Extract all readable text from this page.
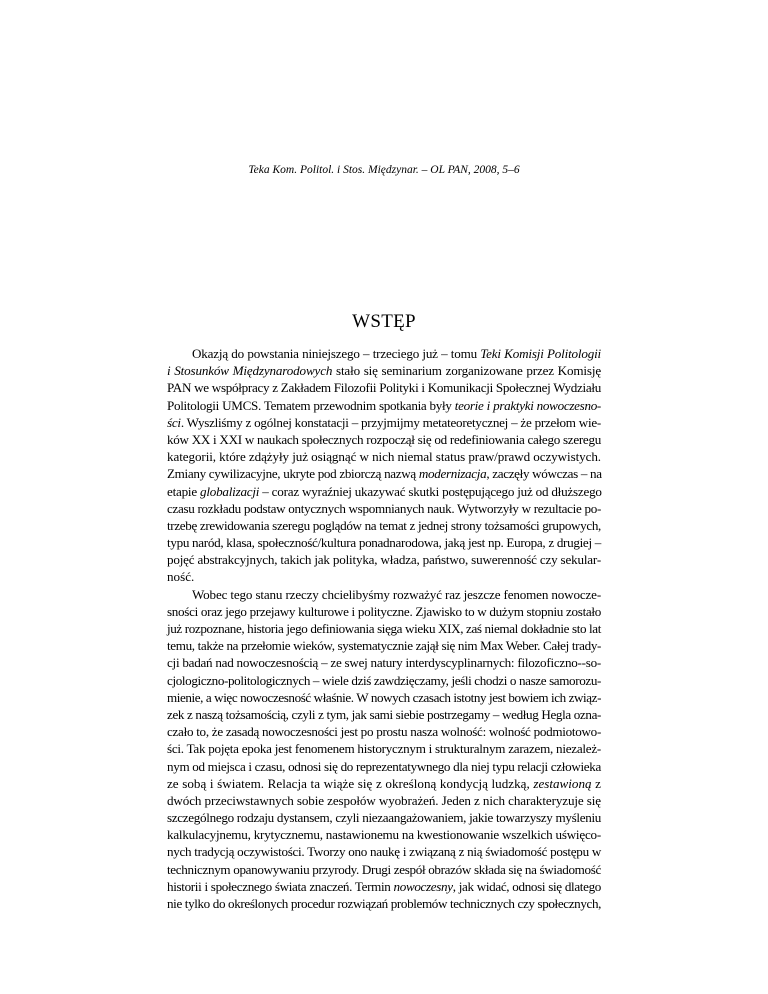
Teka Kom. Politol. i Stos. Międzynar. – OL PAN, 2008, 5–6
WSTĘP
Okazją do powstania niniejszego – trzeciego już – tomu Teki Komisji Politologii
i Stosunków Międzynarodowych stało się seminarium zorganizowane przez Komisję
PAN we współpracy z Zakładem Filozofii Polityki i Komunikacji Społecznej Wydziału
Politologii UMCS. Tematem przewodnim spotkania były teorie i praktyki nowoczesno-
ści. Wyszliśmy z ogólnej konstatacji – przyjmijmy metateoretycznej – że przełom wie-
ków XX i XXI w naukach społecznych rozpoczął się od redefiniowania całego szeregu
kategorii, które zdążyły już osiągnąć w nich niemal status praw/prawd oczywistych.
Zmiany cywilizacyjne, ukryte pod zbiorczą nazwą modernizacja, zaczęły wówczas – na
etapie globalizacji – coraz wyraźniej ukazywać skutki postępującego już od dłuższego
czasu rozkładu podstaw ontycznych wspomnianych nauk. Wytworzyły w rezultacie po-
trzebę zrewidowania szeregu poglądów na temat z jednej strony tożsamości grupowych,
typu naród, klasa, społeczność/kultura ponadnarodowa, jaką jest np. Europa, z drugiej –
pojęć abstrakcyjnych, takich jak polityka, władza, państwo, suwerenność czy sekular-
ność.
Wobec tego stanu rzeczy chcielibyśmy rozważyć raz jeszcze fenomen nowocze-
sności oraz jego przejawy kulturowe i polityczne. Zjawisko to w dużym stopniu zostało
już rozpoznane, historia jego definiowania sięga wieku XIX, zaś niemal dokładnie sto lat
temu, także na przełomie wieków, systematycznie zajął się nim Max Weber. Całej trady-
cji badań nad nowoczesnością – ze swej natury interdyscyplinarnych: filozoficzno--so-
cjologiczno-politologicznych – wiele dziś zawdzięczamy, jeśli chodzi o nasze samorozu-
mienie, a więc nowoczesność właśnie. W nowych czasach istotny jest bowiem ich związ-
zek z naszą tożsamością, czyli z tym, jak sami siebie postrzegamy – według Hegla ozna-
czało to, że zasadą nowoczesności jest po prostu nasza wolność: wolność podmiotowo-
ści. Tak pojęta epoka jest fenomenem historycznym i strukturalnym zarazem, niezależ-
nym od miejsca i czasu, odnosi się do reprezentatywnego dla niej typu relacji człowieka
ze sobą i światem. Relacja ta wiąże się z określoną kondycją ludzką, zestawioną z
dwóch przeciwstawnych sobie zespołów wyobrażeń. Jeden z nich charakteryzuje się
szczególnego rodzaju dystansem, czyli niezaangażowaniem, jakie towarzyszy myśleniu
kalkulacyjnemu, krytycznemu, nastawionemu na kwestionowanie wszelkich uświęco-
nych tradycją oczywistości. Tworzy ono naukę i związaną z nią świadomość postępu w
technicznym opanowywaniu przyrody. Drugi zespół obrazów składa się na świadomość
historii i społecznego świata znaczeń. Termin nowoczesny, jak widać, odnosi się dlatego
nie tylko do określonych procedur rozwiązań problemów technicznych czy społecznych,
